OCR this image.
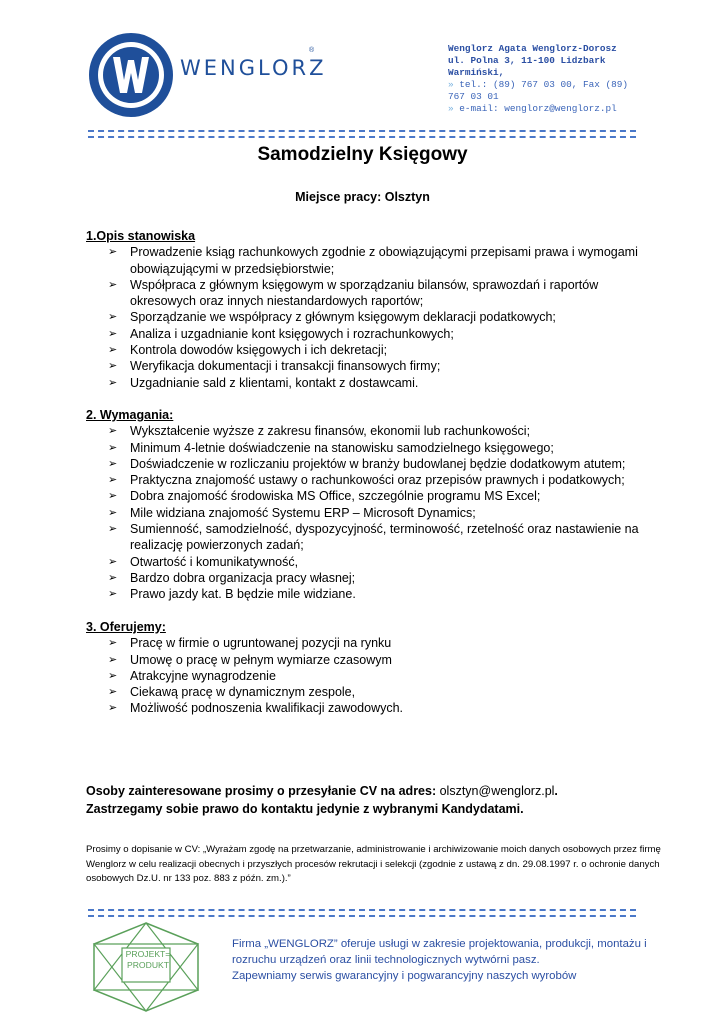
WENGLORZ
®	Wenglorz Agata Wenglorz-Dorosz
ul. Polna 3, 11-100 Lidzbark Warmiński,
» tel.: (89) 767 03 00, Fax (89) 767 03 01
» e-mail: wenglorz@wenglorz.pl
Samodzielny Księgowy
Miejsce pracy: Olsztyn
1.Opis stanowiska
➢ Prowadzenie ksiąg rachunkowych zgodnie z obowiązującymi przepisami prawa i wymogami obowiązującymi w przedsiębiorstwie;
➢ Współpraca z głównym księgowym w sporządzaniu bilansów, sprawozdań i raportów okresowych oraz innych niestandardowych raportów;
➢ Sporządzanie we współpracy z głównym księgowym deklaracji podatkowych;
➢ Analiza i uzgadnianie kont księgowych i rozrachunkowych;
➢ Kontrola dowodów księgowych i ich dekretacji;
➢ Weryfikacja dokumentacji i transakcji finansowych firmy;
➢ Uzgadnianie sald z klientami, kontakt z dostawcami.
2. Wymagania:
➢ Wykształcenie wyższe z zakresu finansów, ekonomii lub rachunkowości;
➢ Minimum 4-letnie doświadczenie na stanowisku samodzielnego księgowego;
➢ Doświadczenie w rozliczaniu projektów w branży budowlanej będzie dodatkowym atutem;
➢ Praktyczna znajomość ustawy o rachunkowości oraz przepisów prawnych i podatkowych;
➢ Dobra znajomość środowiska MS Office, szczególnie programu MS Excel;
➢ Mile widziana znajomość Systemu ERP – Microsoft Dynamics;
➢ Sumienność, samodzielność, dyspozycyjność, terminowość, rzetelność oraz nastawienie na realizację powierzonych zadań;
➢ Otwartość i komunikatywność,
➢ Bardzo dobra organizacja pracy własnej;
➢ Prawo jazdy kat. B będzie mile widziane.
3. Oferujemy:
➢ Pracę w firmie o ugruntowanej pozycji na rynku
➢ Umowę o pracę w pełnym wymiarze czasowym
➢ Atrakcyjne wynagrodzenie
➢ Ciekawą pracę w dynamicznym zespole,
➢ Możliwość podnoszenia kwalifikacji zawodowych.
Osoby zainteresowane prosimy o przesyłanie CV na adres: olsztyn@wenglorz.pl.
Zastrzegamy sobie prawo do kontaktu jedynie z wybranymi Kandydatami.
Prosimy o dopisanie w CV: „Wyrażam zgodę na przetwarzanie, administrowanie i archiwizowanie moich danych osobowych przez firmę Wenglorz w celu realizacji obecnych i przyszłych procesów rekrutacji i selekcji (zgodnie z ustawą z dn. 29.08.1997 r. o ochronie danych osobowych Dz.U. nr 133 poz. 883 z późn. zm.).”
PROJEKT=
PRODUKT
Firma „WENGLORZ” oferuje usługi w zakresie projektowania, produkcji, montażu i rozruchu urządzeń oraz linii technologicznych wytwórni pasz.
Zapewniamy serwis gwarancyjny i pogwarancyjny naszych wyrobów
